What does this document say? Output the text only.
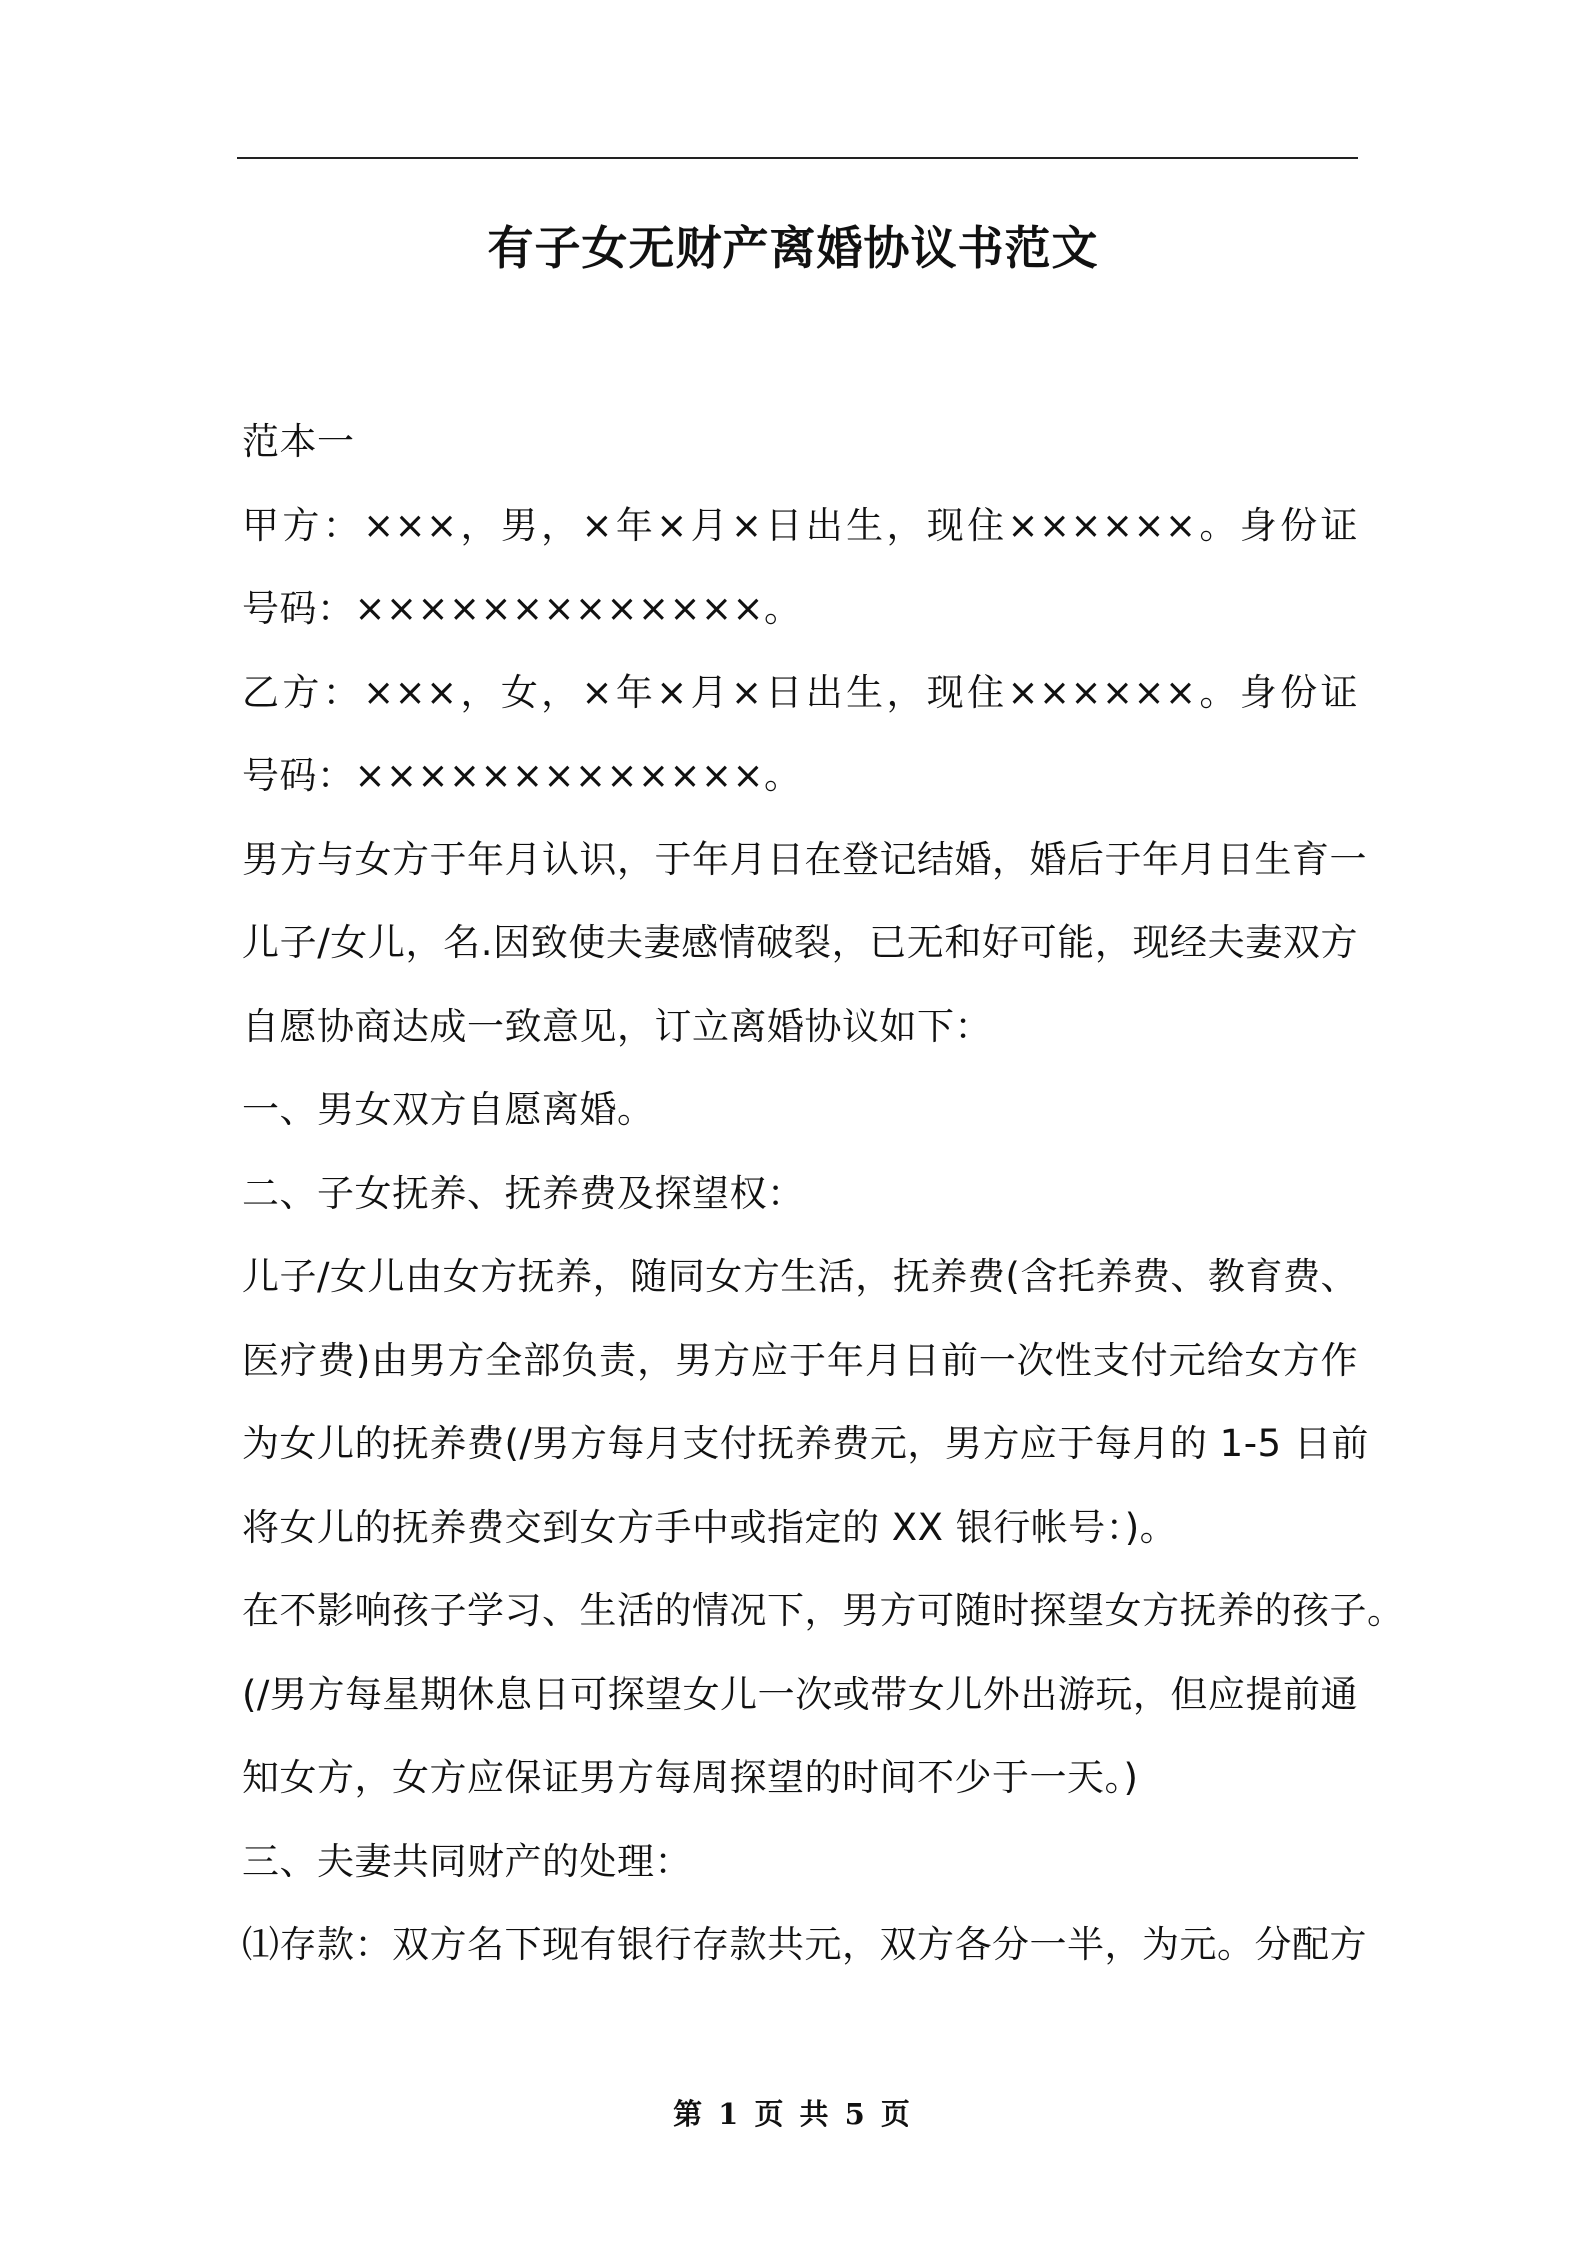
有子女无财产离婚协议书范文
范本一
甲方：×××，男，×年×月×日出生，现住××××××。身份证
号码：×××××××××××××。
乙方：×××，女，×年×月×日出生，现住××××××。身份证
号码：×××××××××××××。
男方与女方于年月认识，于年月日在登记结婚，婚后于年月日生育一
儿子/女儿，名.因致使夫妻感情破裂，已无和好可能，现经夫妻双方
自愿协商达成一致意见，订立离婚协议如下：
一、男女双方自愿离婚。
二、子女抚养、抚养费及探望权：
儿子/女儿由女方抚养，随同女方生活，抚养费(含托养费、教育费、
医疗费)由男方全部负责，男方应于年月日前一次性支付元给女方作
为女儿的抚养费(/男方每月支付抚养费元，男方应于每月的 1-5 日前
将女儿的抚养费交到女方手中或指定的 XX 银行帐号：)。
在不影响孩子学习、生活的情况下，男方可随时探望女方抚养的孩子。
(/男方每星期休息日可探望女儿一次或带女儿外出游玩，但应提前通
知女方，女方应保证男方每周探望的时间不少于一天。)
三、夫妻共同财产的处理：
⑴存款：双方名下现有银行存款共元，双方各分一半，为元。分配方
第 1 页 共 5 页
